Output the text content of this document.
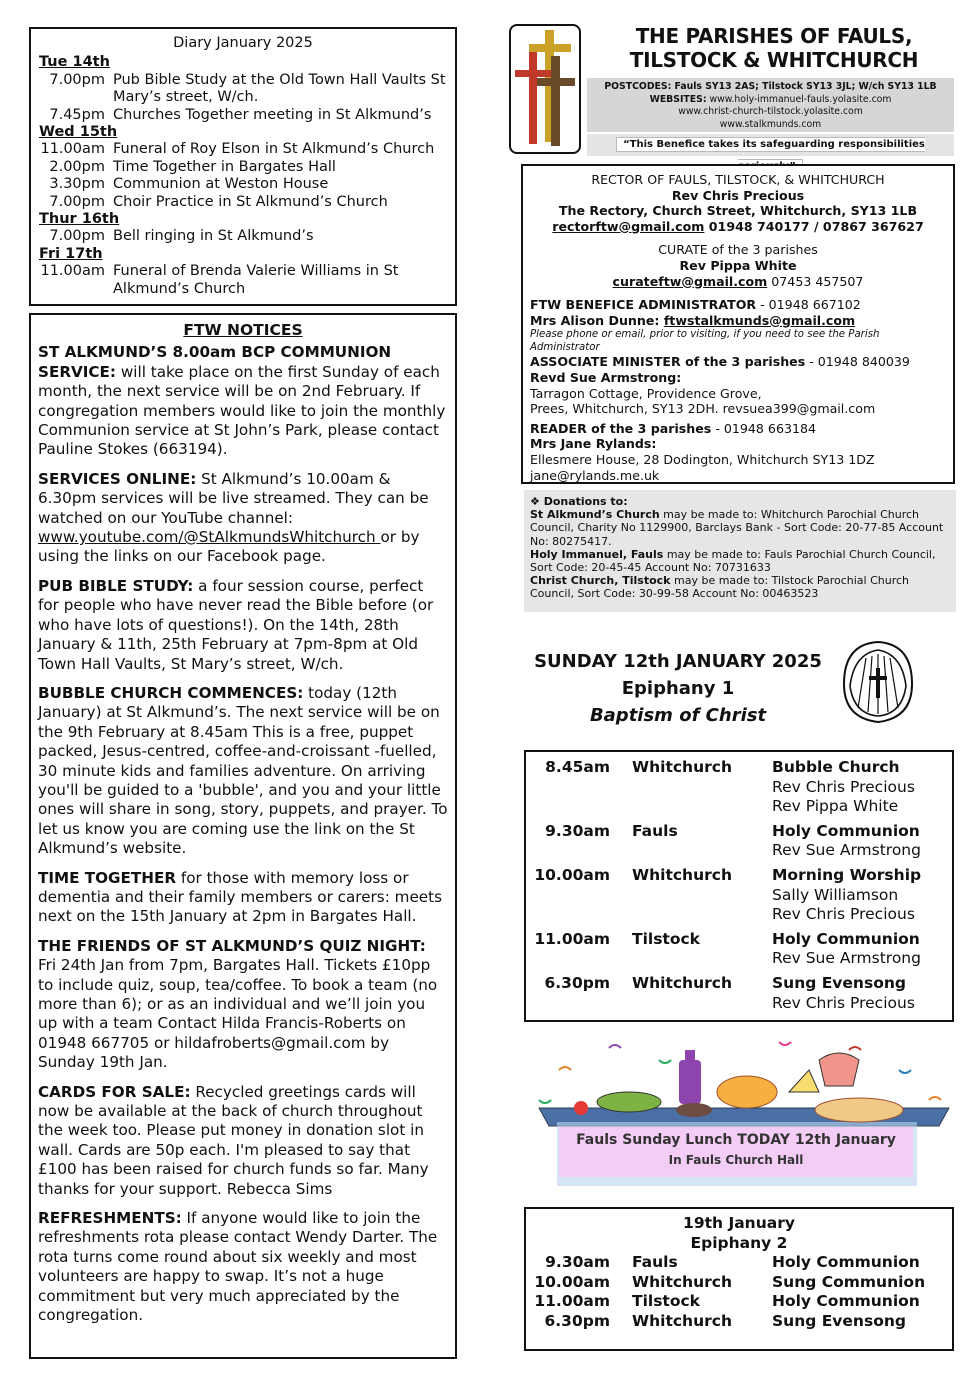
Diary January 2025
Tue 14th
7.00pm Pub Bible Study at the Old Town Hall Vaults St Mary’s street, W/ch.
7.45pm Churches Together meeting in St Alkmund’s
Wed 15th
11.00am Funeral of Roy Elson in St Alkmund’s Church
2.00pm Time Together in Bargates Hall
3.30pm Communion at Weston House
7.00pm Choir Practice in St Alkmund’s Church
Thur 16th
7.00pm Bell ringing in St Alkmund’s
Fri 17th
11.00am Funeral of Brenda Valerie Williams in St Alkmund’s Church
FTW NOTICES
ST ALKMUND’S 8.00am BCP COMMUNION SERVICE: will take place on the first Sunday of each month, the next service will be on 2nd February. If congregation members would like to join the monthly Communion service at St John’s Park, please contact Pauline Stokes (663194).
SERVICES ONLINE: St Alkmund’s 10.00am & 6.30pm services will be live streamed. They can be watched on our YouTube channel: www.youtube.com/@StAlkmundsWhitchurch or by using the links on our Facebook page.
PUB BIBLE STUDY: a four session course, perfect for people who have never read the Bible before (or who have lots of questions!). On the 14th, 28th January & 11th, 25th February at 7pm-8pm at Old Town Hall Vaults, St Mary’s street, W/ch.
BUBBLE CHURCH COMMENCES: today (12th January) at St Alkmund’s. The next service will be on the 9th February at 8.45am This is a free, puppet packed, Jesus-centred, coffee-and-croissant -fuelled, 30 minute kids and families adventure. On arriving you'll be guided to a 'bubble', and you and your little ones will share in song, story, puppets, and prayer. To let us know you are coming use the link on the St Alkmund’s website.
TIME TOGETHER for those with memory loss or dementia and their family members or carers: meets next on the 15th January at 2pm in Bargates Hall.
THE FRIENDS OF ST ALKMUND’S QUIZ NIGHT: Fri 24th Jan from 7pm, Bargates Hall. Tickets £10pp to include quiz, soup, tea/coffee. To book a team (no more than 6); or as an individual and we’ll join you up with a team Contact Hilda Francis-Roberts on 01948 667705 or hildafroberts@gmail.com by Sunday 19th Jan.
CARDS FOR SALE: Recycled greetings cards will now be available at the back of church throughout the week too. Please put money in donation slot in wall. Cards are 50p each. I'm pleased to say that £100 has been raised for church funds so far. Many thanks for your support. Rebecca Sims
REFRESHMENTS: If anyone would like to join the refreshments rota please contact Wendy Darter. The rota turns come round about six weekly and most volunteers are happy to swap. It’s not a huge commitment but very much appreciated by the congregation.
THE PARISHES OF FAULS,
TILSTOCK & WHITCHURCH
POSTCODES: Fauls SY13 2AS; Tilstock SY13 3JL; W/ch SY13 1LB
WEBSITES: www.holy-immanuel-fauls.yolasite.com
www.christ-church-tilstock.yolasite.com
www.stalkmunds.com
“This Benefice takes its safeguarding responsibilities
RECTOR OF FAULS, TILSTOCK, & WHITCHURCH
Rev Chris Precious
The Rectory, Church Street, Whitchurch, SY13 1LB
rectorftw@gmail.com 01948 740177 / 07867 367627
CURATE of the 3 parishes
Rev Pippa White
curateftw@gmail.com 07453 457507
FTW BENEFICE ADMINISTRATOR - 01948 667102
Mrs Alison Dunne: ftwstalkmunds@gmail.com
Please phone or email, prior to visiting, if you need to see the Parish Administrator
ASSOCIATE MINISTER of the 3 parishes - 01948 840039
Revd Sue Armstrong:
Tarragon Cottage, Providence Grove,
Prees, Whitchurch, SY13 2DH. revsuea399@gmail.com
READER of the 3 parishes - 01948 663184
Mrs Jane Rylands:
Ellesmere House, 28 Dodington, Whitchurch SY13 1DZ
jane@rylands.me.uk
❖ Donations to:
St Alkmund’s Church may be made to: Whitchurch Parochial Church Council, Charity No 1129900, Barclays Bank - Sort Code: 20-77-85 Account No: 80275417.
Holy Immanuel, Fauls may be made to: Fauls Parochial Church Council, Sort Code: 20-45-45 Account No: 70731633
Christ Church, Tilstock may be made to: Tilstock Parochial Church Council, Sort Code: 30-99-58 Account No: 00463523
SUNDAY 12th JANUARY 2025
Epiphany 1
Baptism of Christ
8.45am	Whitchurch	Bubble Church
Rev Chris Precious
Rev Pippa White
9.30am	Fauls	Holy Communion
Rev Sue Armstrong
10.00am	Whitchurch	Morning Worship
Sally Williamson
Rev Chris Precious
11.00am	Tilstock	Holy Communion
Rev Sue Armstrong
6.30pm	Whitchurch	Sung Evensong
Rev Chris Precious
Fauls Sunday Lunch TODAY 12th January
In Fauls Church Hall
19th January
Epiphany 2
9.30am	Fauls	Holy Communion
10.00am	Whitchurch	Sung Communion
11.00am	Tilstock	Holy Communion
6.30pm	Whitchurch	Sung Evensong
